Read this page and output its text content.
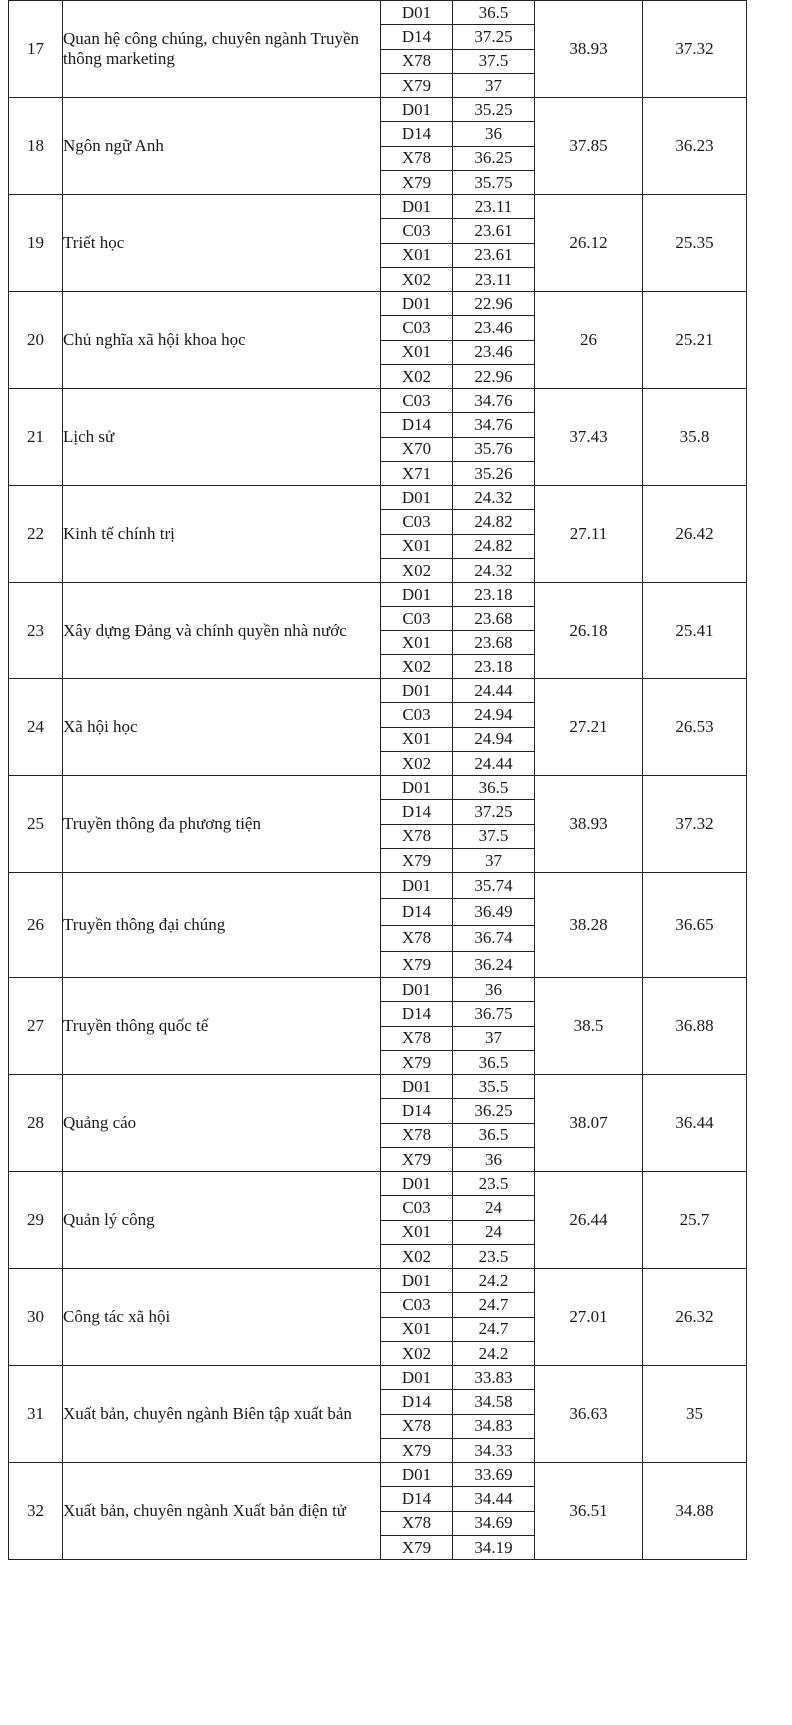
17	Quan hệ công chúng, chuyên ngành Truyền thông marketing	D01	36.5	38.93	37.32
		D14	37.25		
		X78	37.5		
		X79	37		
18	Ngôn ngữ Anh	D01	35.25	37.85	36.23
		D14	36		
		X78	36.25		
		X79	35.75		
19	Triết học	D01	23.11	26.12	25.35
		C03	23.61		
		X01	23.61		
		X02	23.11		
20	Chủ nghĩa xã hội khoa học	D01	22.96	26	25.21
		C03	23.46		
		X01	23.46		
		X02	22.96		
21	Lịch sử	C03	34.76	37.43	35.8
		D14	34.76		
		X70	35.76		
		X71	35.26		
22	Kinh tế chính trị	D01	24.32	27.11	26.42
		C03	24.82		
		X01	24.82		
		X02	24.32		
23	Xây dựng Đảng và chính quyền nhà nước	D01	23.18	26.18	25.41
		C03	23.68		
		X01	23.68		
		X02	23.18		
24	Xã hội học	D01	24.44	27.21	26.53
		C03	24.94		
		X01	24.94		
		X02	24.44		
25	Truyền thông đa phương tiện	D01	36.5	38.93	37.32
		D14	37.25		
		X78	37.5		
		X79	37		
26	Truyền thông đại chúng	D01	35.74	38.28	36.65
		D14	36.49		
		X78	36.74		
		X79	36.24		
27	Truyền thông quốc tế	D01	36	38.5	36.88
		D14	36.75		
		X78	37		
		X79	36.5		
28	Quảng cáo	D01	35.5	38.07	36.44
		D14	36.25		
		X78	36.5		
		X79	36		
29	Quản lý công	D01	23.5	26.44	25.7
		C03	24		
		X01	24		
		X02	23.5		
30	Công tác xã hội	D01	24.2	27.01	26.32
		C03	24.7		
		X01	24.7		
		X02	24.2		
31	Xuất bản, chuyên ngành Biên tập xuất bản	D01	33.83	36.63	35
		D14	34.58		
		X78	34.83		
		X79	34.33		
32	Xuất bản, chuyên ngành Xuất bản điện tử	D01	33.69	36.51	34.88
		D14	34.44		
		X78	34.69		
		X79	34.19		
